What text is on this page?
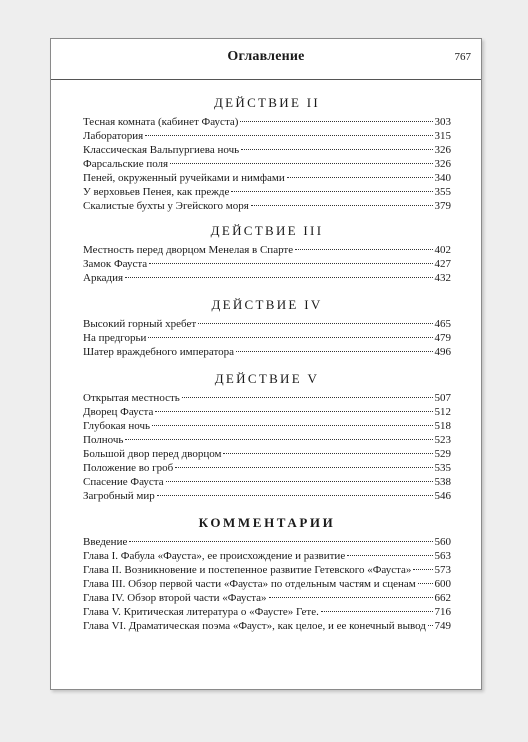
Оглавление	767
ДЕЙСТВИЕ II
Тесная комната (кабинет Фауста)	303
Лаборатория	315
Классическая Вальпургиева ночь	326
Фарсальские поля	326
Пеней, окруженный ручейками и нимфами	340
У верховьев Пенея, как прежде	355
Скалистые бухты у Эгейского моря	379
ДЕЙСТВИЕ III
Местность перед дворцом Менелая в Спарте	402
Замок Фауста	427
Аркадия	432
ДЕЙСТВИЕ IV
Высокий горный хребет	465
На предгорьи	479
Шатер враждебного императора	496
ДЕЙСТВИЕ V
Открытая местность	507
Дворец Фауста	512
Глубокая ночь	518
Полночь	523
Большой двор перед дворцом	529
Положение во гроб	535
Спасение Фауста	538
Загробный мир	546
КОММЕНТАРИИ
Введение	560
Глава I. Фабула «Фауста», ее происхождение и развитие	563
Глава II. Возникновение и постепенное развитие Гетевского «Фауста» 573
Глава III. Обзор первой части «Фауста» по отдельным частям и сценам 600
Глава IV. Обзор второй части «Фауста»	662
Глава V. Критическая литература о «Фаусте» Гете.	716
Глава VI. Драматическая поэма «Фауст», как целое, и ее конечный вывод 749
